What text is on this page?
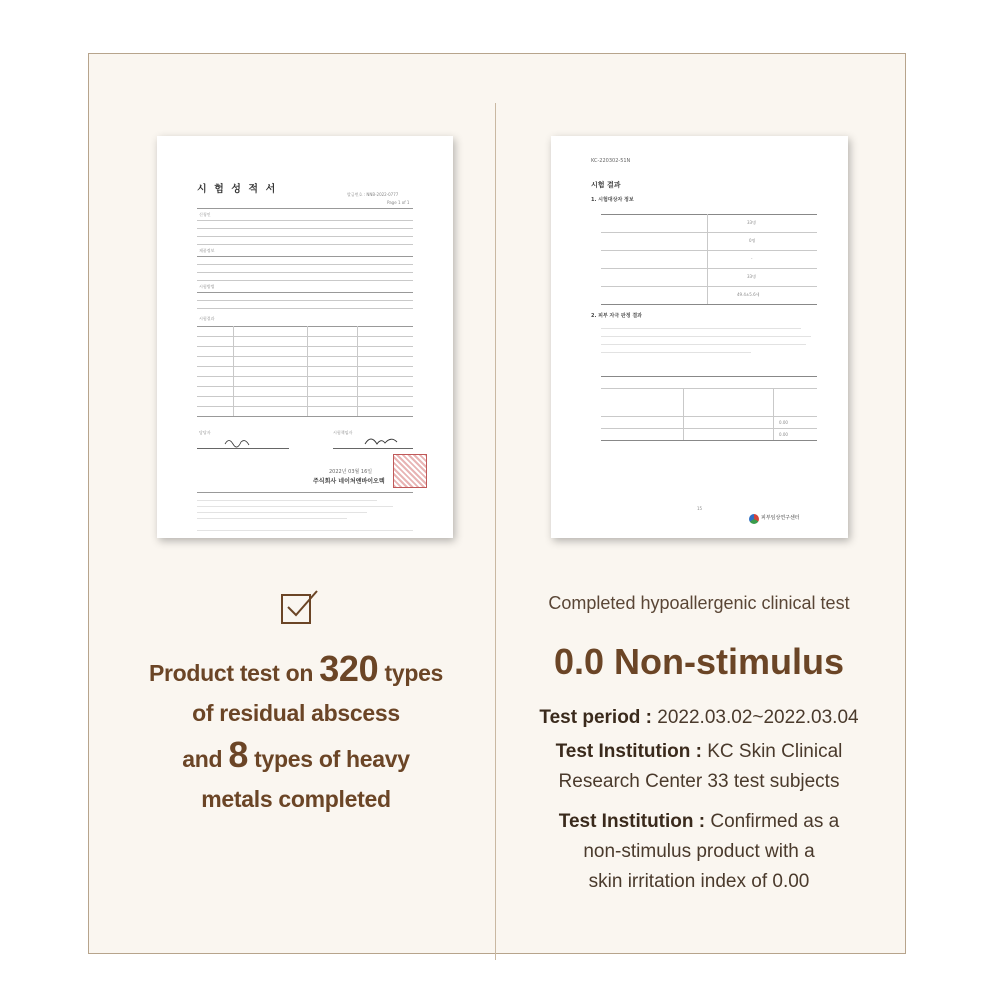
시 험 성 적 서	발급번호 : NNB-2022-0777
Page 1 of 1
신청인
제품정보
시험방법
시험결과
담당자	시험책임자
2022년 03월 16일
주식회사 네이처앤바이오텍
KC-220302-51N
시험 결과
1. 시험대상자 정보
33명
0명
-
33명
49.4±5.6세
2. 피부 자극 판정 결과
0.00
0.00
15
피부임상연구센터
Product test on 320 types
of residual abscess
and 8 types of heavy
metals completed
Completed hypoallergenic clinical test
0.0 Non-stimulus
Test period : 2022.03.02~2022.03.04
Test Institution : KC Skin Clinical
Research Center 33 test subjects
Test Institution : Confirmed as a
non-stimulus product with a
skin irritation index of 0.00
